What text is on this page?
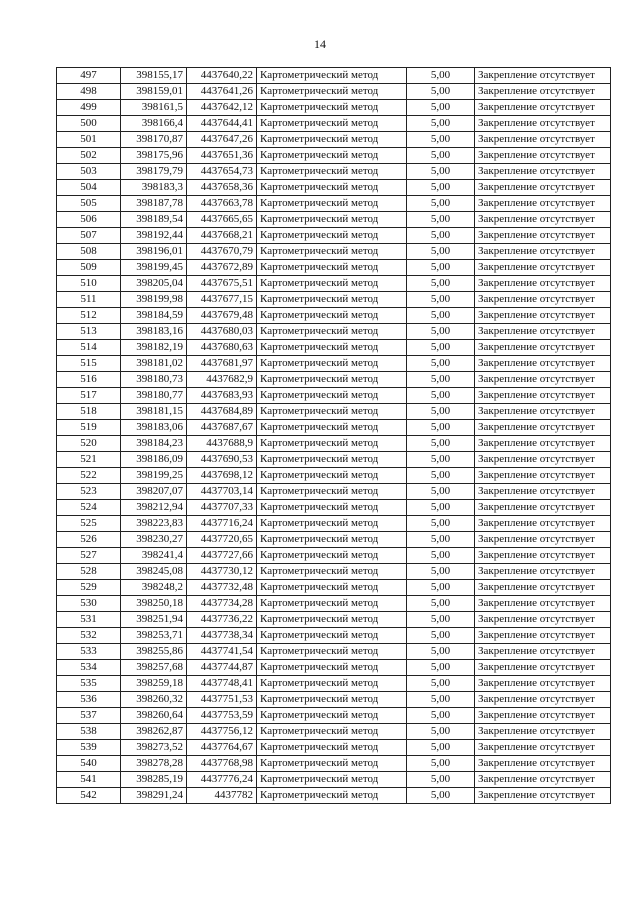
14
497	398155,17	4437640,22	Картометрический метод	5,00	Закрепление отсутствует
498	398159,01	4437641,26	Картометрический метод	5,00	Закрепление отсутствует
499	398161,5	4437642,12	Картометрический метод	5,00	Закрепление отсутствует
500	398166,4	4437644,41	Картометрический метод	5,00	Закрепление отсутствует
501	398170,87	4437647,26	Картометрический метод	5,00	Закрепление отсутствует
502	398175,96	4437651,36	Картометрический метод	5,00	Закрепление отсутствует
503	398179,79	4437654,73	Картометрический метод	5,00	Закрепление отсутствует
504	398183,3	4437658,36	Картометрический метод	5,00	Закрепление отсутствует
505	398187,78	4437663,78	Картометрический метод	5,00	Закрепление отсутствует
506	398189,54	4437665,65	Картометрический метод	5,00	Закрепление отсутствует
507	398192,44	4437668,21	Картометрический метод	5,00	Закрепление отсутствует
508	398196,01	4437670,79	Картометрический метод	5,00	Закрепление отсутствует
509	398199,45	4437672,89	Картометрический метод	5,00	Закрепление отсутствует
510	398205,04	4437675,51	Картометрический метод	5,00	Закрепление отсутствует
511	398199,98	4437677,15	Картометрический метод	5,00	Закрепление отсутствует
512	398184,59	4437679,48	Картометрический метод	5,00	Закрепление отсутствует
513	398183,16	4437680,03	Картометрический метод	5,00	Закрепление отсутствует
514	398182,19	4437680,63	Картометрический метод	5,00	Закрепление отсутствует
515	398181,02	4437681,97	Картометрический метод	5,00	Закрепление отсутствует
516	398180,73	4437682,9	Картометрический метод	5,00	Закрепление отсутствует
517	398180,77	4437683,93	Картометрический метод	5,00	Закрепление отсутствует
518	398181,15	4437684,89	Картометрический метод	5,00	Закрепление отсутствует
519	398183,06	4437687,67	Картометрический метод	5,00	Закрепление отсутствует
520	398184,23	4437688,9	Картометрический метод	5,00	Закрепление отсутствует
521	398186,09	4437690,53	Картометрический метод	5,00	Закрепление отсутствует
522	398199,25	4437698,12	Картометрический метод	5,00	Закрепление отсутствует
523	398207,07	4437703,14	Картометрический метод	5,00	Закрепление отсутствует
524	398212,94	4437707,33	Картометрический метод	5,00	Закрепление отсутствует
525	398223,83	4437716,24	Картометрический метод	5,00	Закрепление отсутствует
526	398230,27	4437720,65	Картометрический метод	5,00	Закрепление отсутствует
527	398241,4	4437727,66	Картометрический метод	5,00	Закрепление отсутствует
528	398245,08	4437730,12	Картометрический метод	5,00	Закрепление отсутствует
529	398248,2	4437732,48	Картометрический метод	5,00	Закрепление отсутствует
530	398250,18	4437734,28	Картометрический метод	5,00	Закрепление отсутствует
531	398251,94	4437736,22	Картометрический метод	5,00	Закрепление отсутствует
532	398253,71	4437738,34	Картометрический метод	5,00	Закрепление отсутствует
533	398255,86	4437741,54	Картометрический метод	5,00	Закрепление отсутствует
534	398257,68	4437744,87	Картометрический метод	5,00	Закрепление отсутствует
535	398259,18	4437748,41	Картометрический метод	5,00	Закрепление отсутствует
536	398260,32	4437751,53	Картометрический метод	5,00	Закрепление отсутствует
537	398260,64	4437753,59	Картометрический метод	5,00	Закрепление отсутствует
538	398262,87	4437756,12	Картометрический метод	5,00	Закрепление отсутствует
539	398273,52	4437764,67	Картометрический метод	5,00	Закрепление отсутствует
540	398278,28	4437768,98	Картометрический метод	5,00	Закрепление отсутствует
541	398285,19	4437776,24	Картометрический метод	5,00	Закрепление отсутствует
542	398291,24	4437782	Картометрический метод	5,00	Закрепление отсутствует
